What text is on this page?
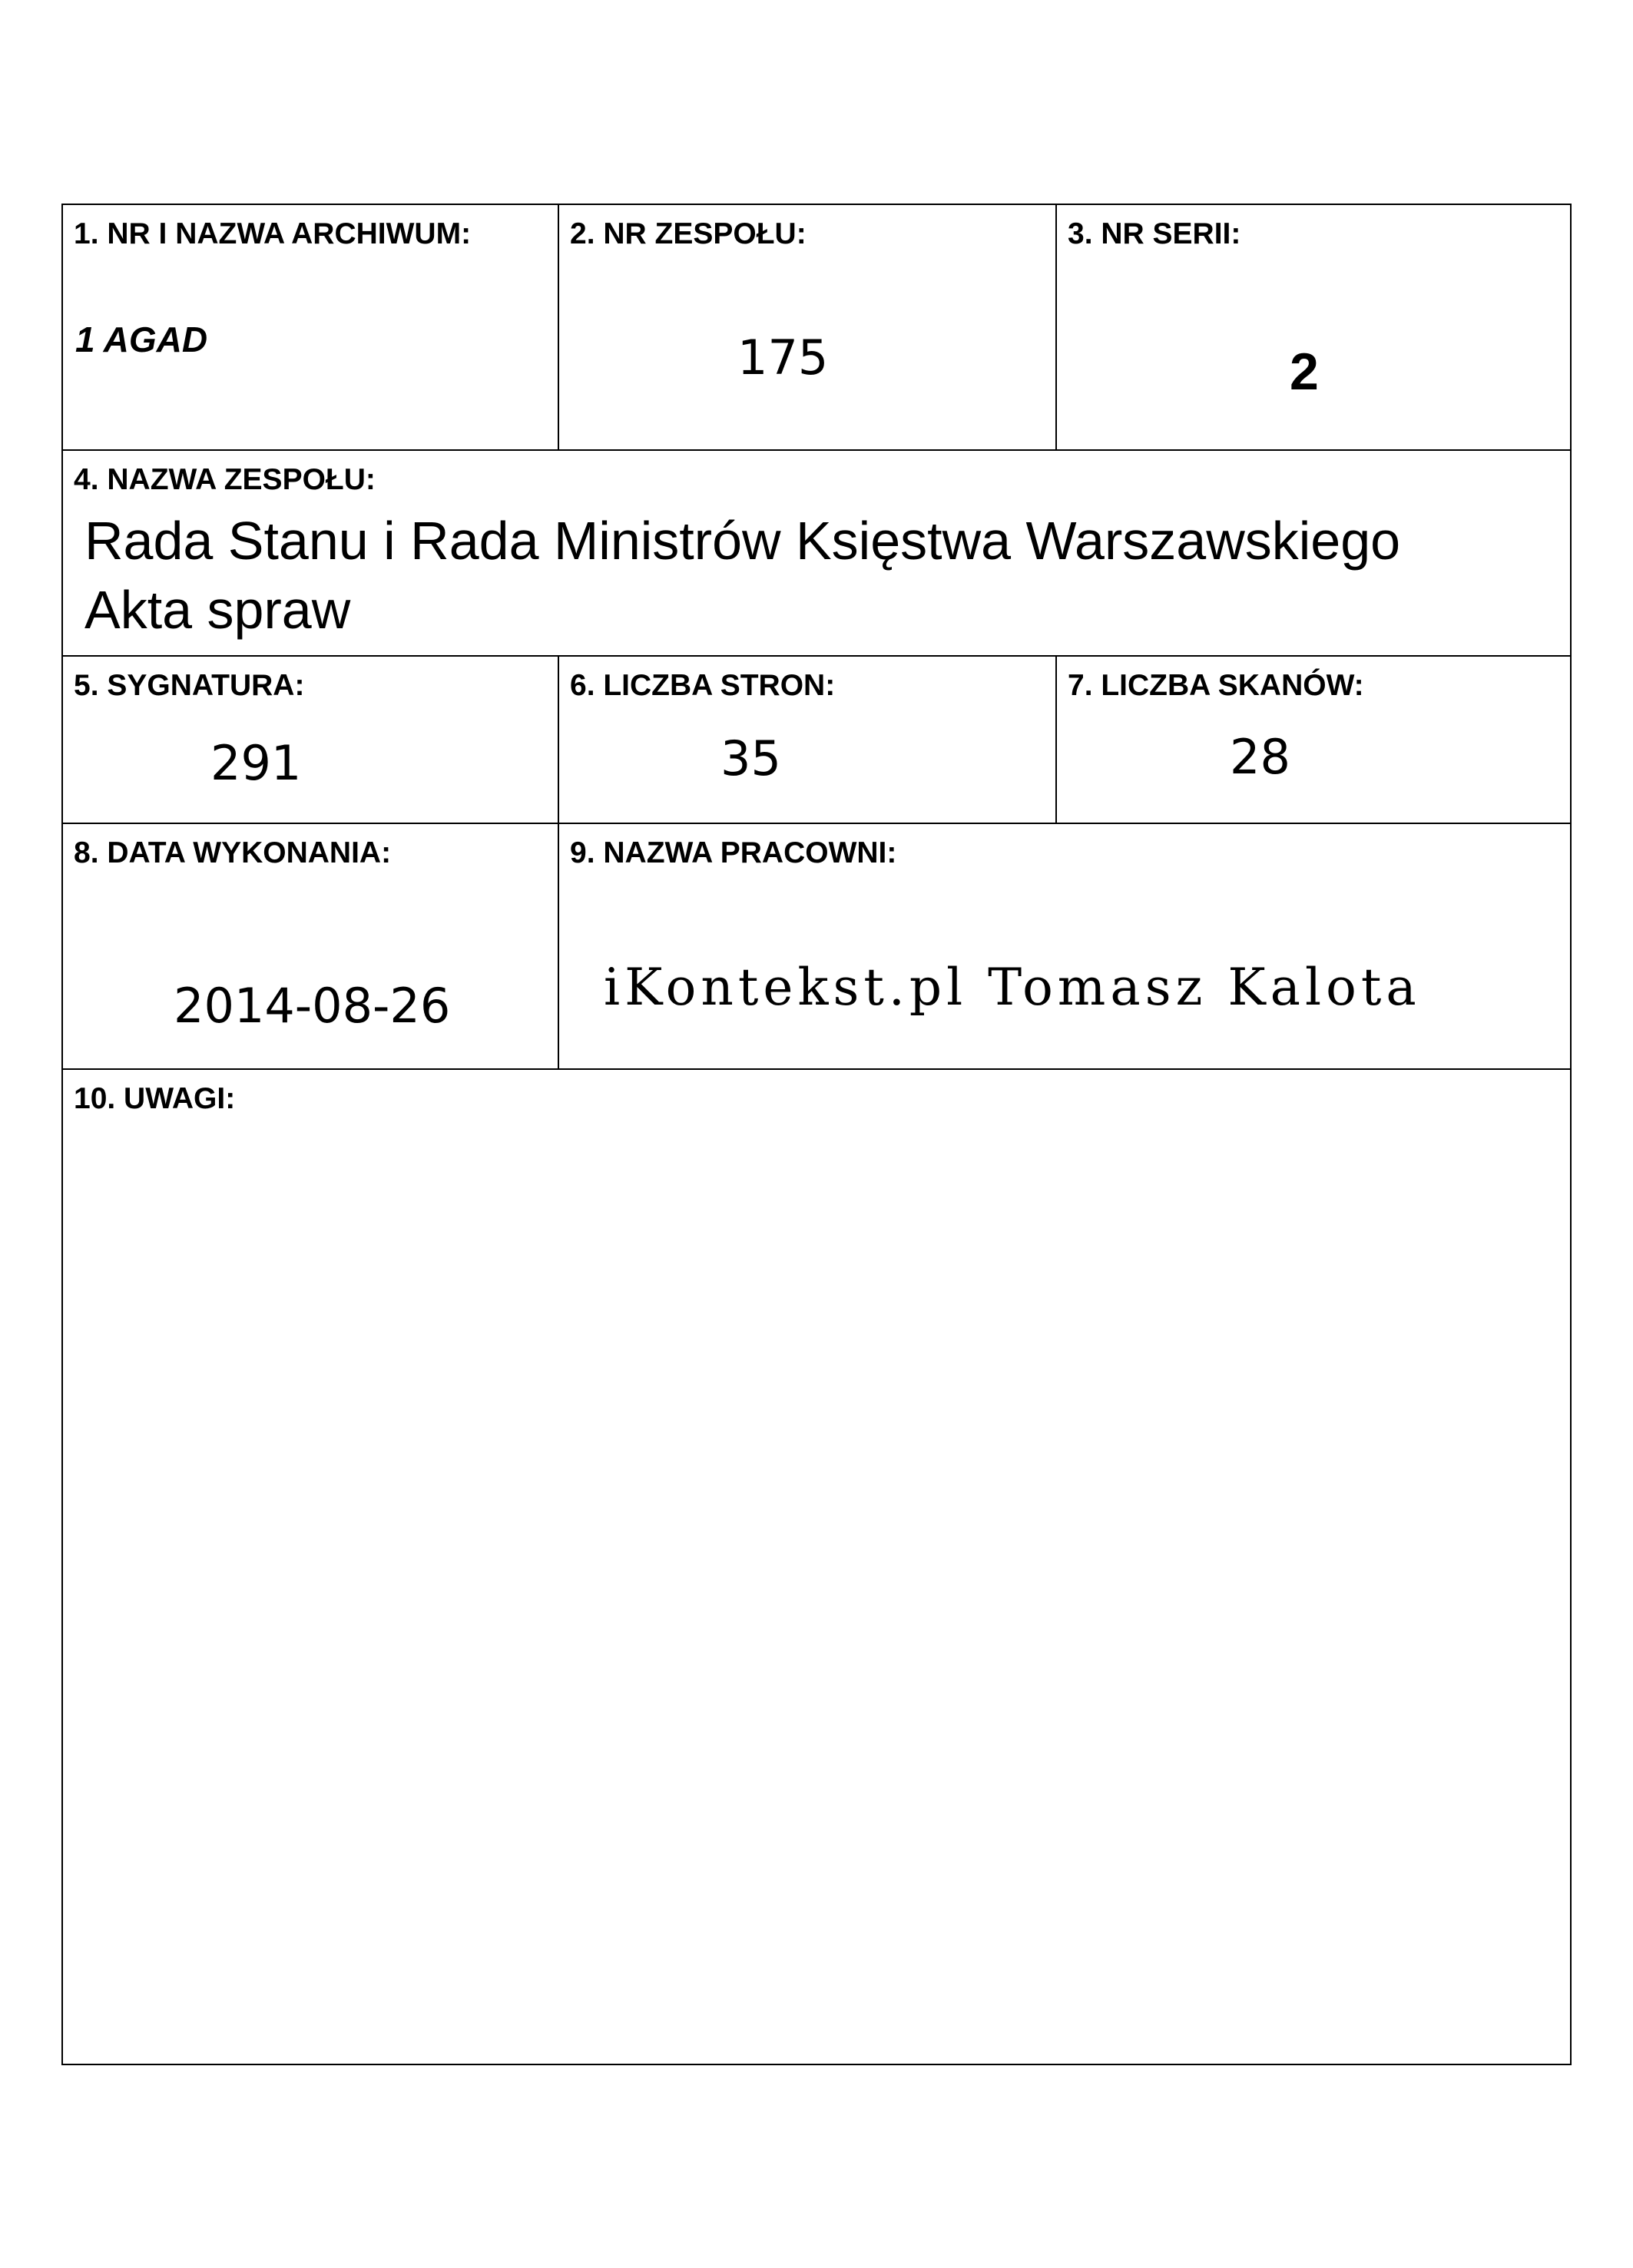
1. NR I NAZWA ARCHIWUM:
1 AGAD
2. NR ZESPOŁU:
175
3. NR SERII:
2
4. NAZWA ZESPOŁU:
Rada Stanu i Rada Ministrów Księstwa Warszawskiego
Akta spraw
5. SYGNATURA:
291
6. LICZBA STRON:
35
7. LICZBA SKANÓW:
28
8. DATA WYKONANIA:
2014-08-26
9. NAZWA PRACOWNI:
iKontekst.pl Tomasz Kalota
10. UWAGI:
